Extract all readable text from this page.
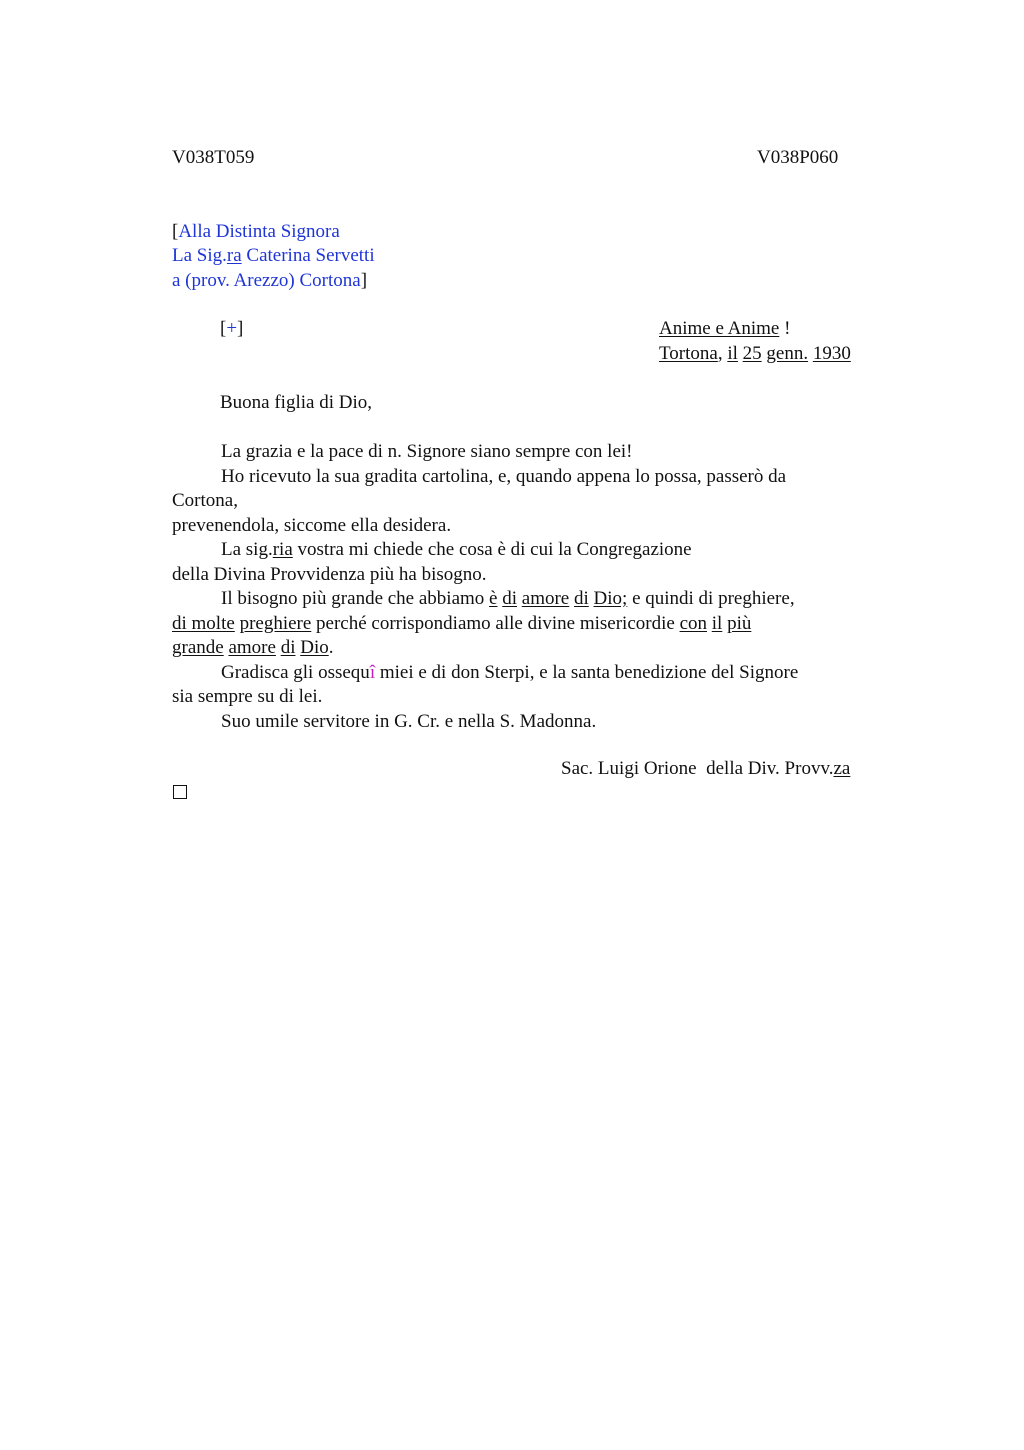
V038T059	V038P060
[Alla Distinta Signora
La Sig.ra Caterina Servetti
a (prov. Arezzo) Cortona]
[+]	Anime e Anime !
Tortona, il 25 genn. 1930
Buona figlia di Dio,
La grazia e la pace di n. Signore siano sempre con lei!
Ho ricevuto la sua gradita cartolina, e, quando appena lo possa, passerò da
Cortona,
prevenendola, siccome ella desidera.
La sig.ria vostra mi chiede che cosa è di cui la Congregazione
della Divina Provvidenza più ha bisogno.
Il bisogno più grande che abbiamo è di amore di Dio; e quindi di preghiere,
di molte preghiere perché corrispondiamo alle divine misericordie con il più
grande amore di Dio.
Gradisca gli ossequî miei e di don Sterpi, e la santa benedizione del Signore
sia sempre su di lei.
Suo umile servitore in G. Cr. e nella S. Madonna.
Sac. Luigi Orione  della Div. Provv.za
